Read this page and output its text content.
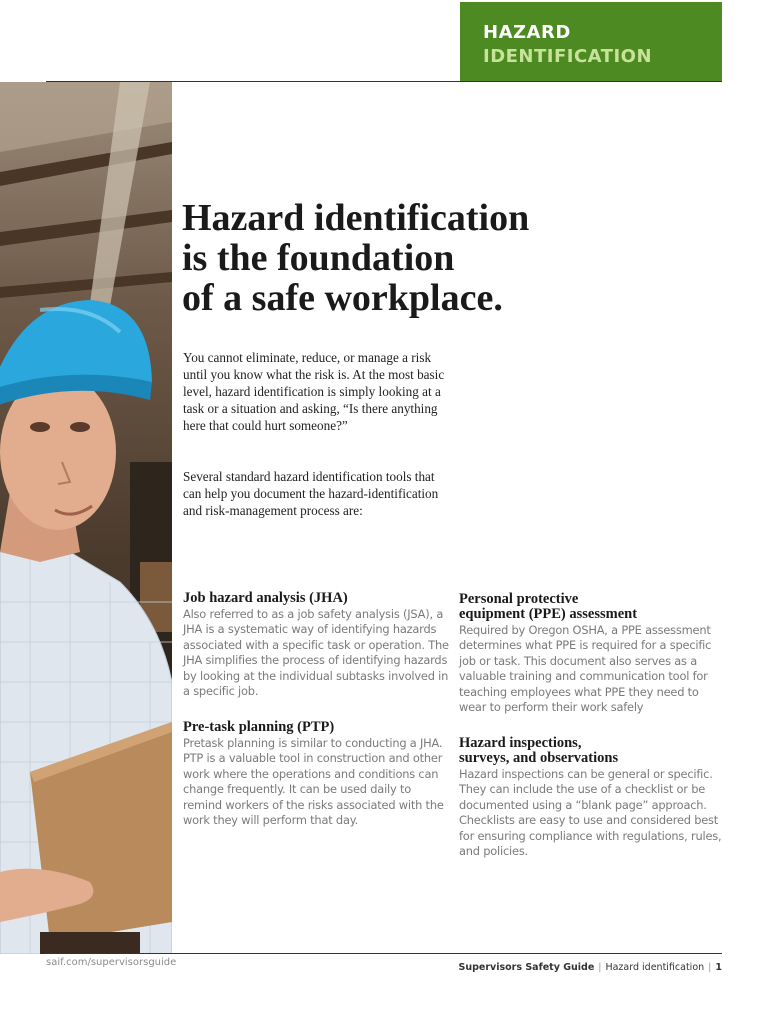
HAZARD
IDENTIFICATION
Hazard identification
is the foundation
of a safe workplace.

You cannot eliminate, reduce, or manage a risk until you know what the risk is. At the most basic level, hazard identification is simply looking at a task or a situation and asking, “Is there anything here that could hurt someone?”

Several standard hazard identification tools that can help you document the hazard-identification and risk-management process are:

Job hazard analysis (JHA)

Also referred to as a job safety analysis (JSA), a JHA is a systematic way of identifying hazards associated with a specific task or operation. The JHA simplifies the process of identifying hazards by looking at the individual subtasks involved in a specific job.

Pre-task planning (PTP)

Pretask planning is similar to conducting a JHA. PTP is a valuable tool in construction and other work where the operations and conditions can change frequently. It can be used daily to remind workers of the risks associated with the work they will perform that day.

Personal protective
equipment (PPE) assessment

Required by Oregon OSHA, a PPE assessment determines what PPE is required for a specific job or task. This document also serves as a valuable training and communication tool for teaching employees what PPE they need to wear to perform their work safely

Hazard inspections,
surveys, and observations

Hazard inspections can be general or specific. They can include the use of a checklist or be documented using a “blank page” approach. Checklists are easy to use and considered best for ensuring compliance with regulations, rules, and policies.

saif.com/supervisorsguide	Supervisors Safety Guide | Hazard identification | 1
